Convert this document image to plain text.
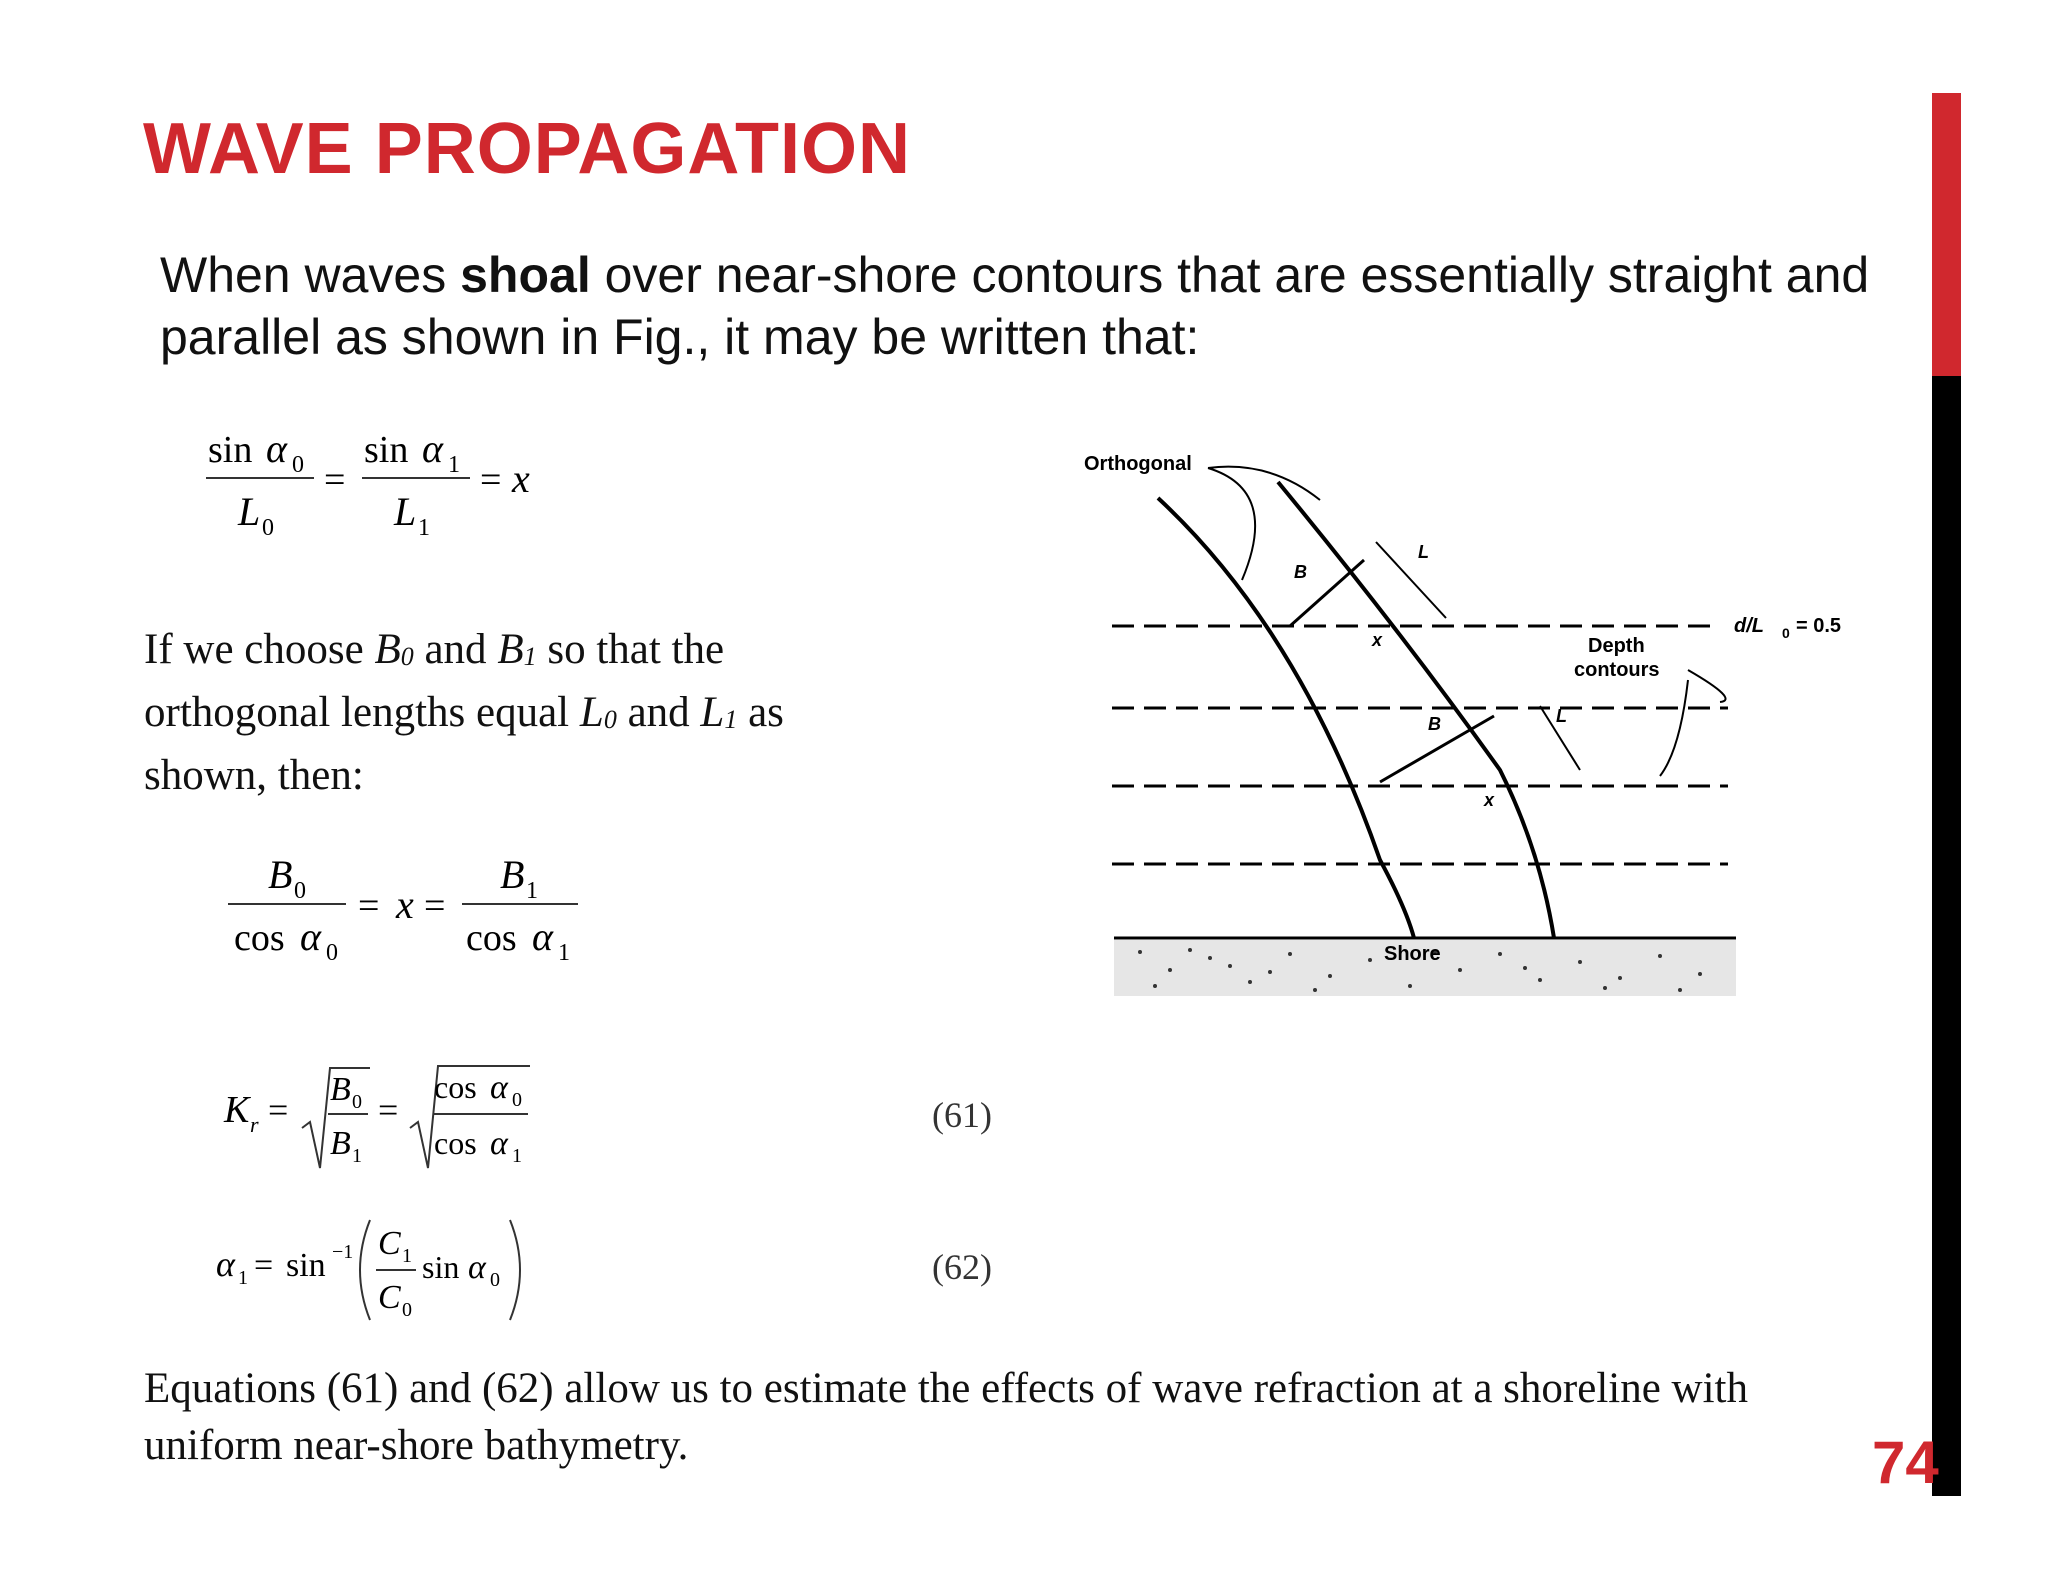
WAVE PROPAGATION
When waves shoal over near-shore contours that are essentially straight and parallel as shown in Fig., it may be written that:
sin α 0
L 0
=
sin α 1
L 1
= x
If we choose $B_0$ and $B_1$ so that the orthogonal lengths equal $L_0$ and $L_1$ as shown, then:
B 0
cos α 0
= x =
B 1
cos α 1
K r =
B 0
B 1
=
cos α 0
cos α 1
(61)
α 1 = sin −1 C 1
C 0
sin α 0	(62)
Orthogonal
Depth
contours
d/L 0 = 0.5
Shore
B
B
L
L
x
x
Equations (61) and (62) allow us to estimate the effects of wave refraction at a shoreline with uniform near-shore bathymetry.	74
